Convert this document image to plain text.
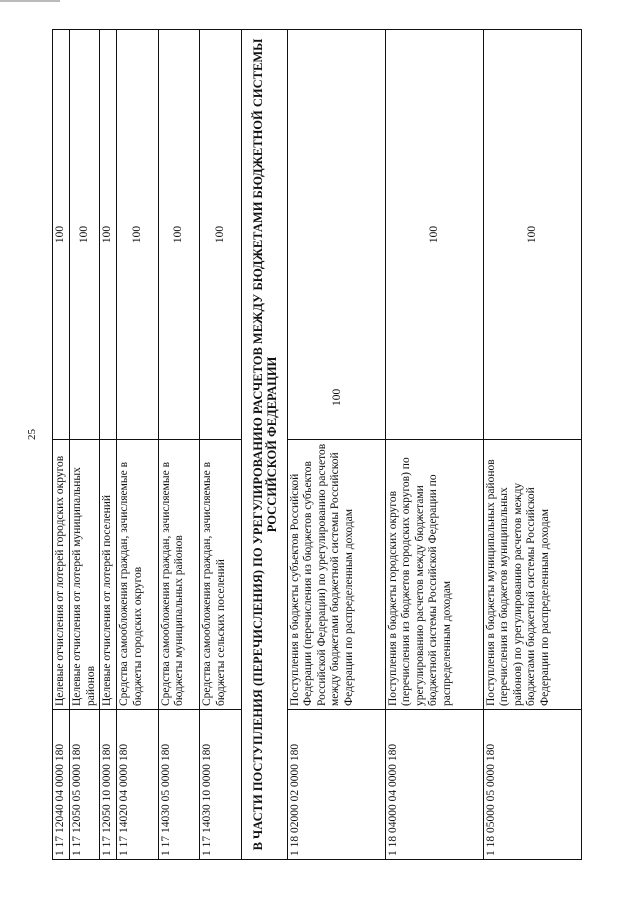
25
1 17 12040 04 0000 180	Целевые отчисления от лотерей городских округов	100
1 17 12050 05 0000 180	Целевые отчисления от лотерей муниципальных районов	100
1 17 12050 10 0000 180	Целевые отчисления от лотерей поселений	100
1 17 14020 04 0000 180	Средства самообложения граждан, зачисляемые в бюджеты городских округов	100
1 17 14030 05 0000 180	Средства самообложения граждан, зачисляемые в бюджеты муниципальных районов	100
1 17 14030 10 0000 180	Средства самообложения граждан, зачисляемые в бюджеты сельских поселений	100
В ЧАСТИ ПОСТУПЛЕНИЯ (ПЕРЕЧИСЛЕНИЯ) ПО УРЕГУЛИРОВАНИЮ РАСЧЕТОВ МЕЖДУ БЮДЖЕТАМИ БЮДЖЕТНОЙ СИСТЕМЫ РОССИЙСКОЙ ФЕДЕРАЦИИ		
1 18 02000 02 0000 180	Поступления в бюджеты субъектов Российской Федерации (перечисления из бюджетов субъектов Российской Федерации) по урегулированию расчетов между бюджетами бюджетной системы Российской Федерации по распределенным доходам	100

1 18 04000 04 0000 180	Поступления в бюджеты городских округов (перечисления из бюджетов городских округов) по урегулированию расчетов между бюджетами бюджетной системы Российской Федерации по распределенным доходам	100
1 18 05000 05 0000 180	Поступления в бюджеты муниципальных районов (перечисления из бюджетов муниципальных районов) по урегулированию расчетов между бюджетами бюджетной системы Российской Федерации по распределенным доходам	100
